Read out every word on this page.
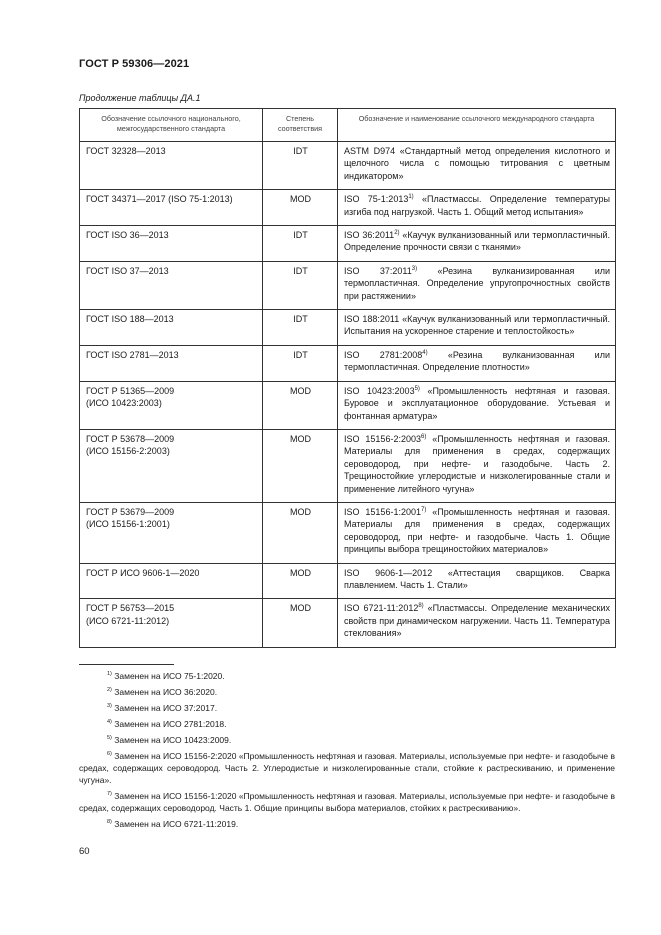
ГОСТ Р 59306—2021
Продолжение таблицы ДА.1
Обозначение ссылочного национального, межгосударственного стандарта	Степень соответствия	Обозначение и наименование ссылочного международного стандарта

ГОСТ 32328—2013	IDT	ASTM D974 «Стандартный метод определения кислотного и щелочного числа с помощью титрования с цветным индикатором»

ГОСТ 34371—2017 (ISO 75-1:2013)	MOD	ISO 75-1:2013$^{1)}$ «Пластмассы. Определение температуры изгиба под нагрузкой. Часть 1. Общий метод испытания»

ГОСТ ISO 36—2013	IDT	ISO 36:2011$^{2)}$ «Каучук вулканизованный или термопластичный. Определение прочности связи с тканями»

ГОСТ ISO 37—2013	IDT	ISO 37:2011$^{3)}$ «Резина вулканизированная или термопластичная. Определение упругопрочностных свойств при растяжении»

ГОСТ ISO 188—2013	IDT	ISO 188:2011 «Каучук вулканизованный или термопластичный. Испытания на ускоренное старение и теплостойкость»

ГОСТ ISO 2781—2013	IDT	ISO 2781:2008$^{4)}$ «Резина вулканизованная или термопластичная. Определение плотности»

ГОСТ Р 51365—2009
(ИСО 10423:2003)	MOD	ISO 10423:2003$^{5)}$ «Промышленность нефтяная и газовая. Буровое и эксплуатационное оборудование. Устьевая и фонтанная арматура»

ГОСТ Р 53678—2009
(ИСО 15156-2:2003)	MOD	ISO 15156-2:2003$^{6)}$ «Промышленность нефтяная и газовая. Материалы для применения в средах, содержащих сероводород, при нефте- и газодобыче. Часть 2. Трещиностойкие углеродистые и низколегированные стали и применение литейного чугуна»

ГОСТ Р 53679—2009
(ИСО 15156-1:2001)	MOD	ISO 15156-1:2001$^{7)}$ «Промышленность нефтяная и газовая. Материалы для применения в средах, содержащих сероводород, при нефте- и газодобыче. Часть 1. Общие принципы выбора трещиностойких материалов»

ГОСТ Р ИСО 9606-1—2020	MOD	ISO 9606-1—2012 «Аттестация сварщиков. Сварка плавлением. Часть 1. Стали»

ГОСТ Р 56753—2015
(ИСО 6721-11:2012)	MOD	ISO 6721-11:2012$^{8)}$ «Пластмассы. Определение механических свойств при динамическом нагружении. Часть 11. Температура стеклования»
$^{1)}$ Заменен на ИСО 75-1:2020.
$^{2)}$ Заменен на ИСО 36:2020.
$^{3)}$ Заменен на ИСО 37:2017.
$^{4)}$ Заменен на ИСО 2781:2018.
$^{5)}$ Заменен на ИСО 10423:2009.
$^{6)}$ Заменен на ИСО 15156-2:2020 «Промышленность нефтяная и газовая. Материалы, используемые при нефте- и газодобыче в средах, содержащих сероводород. Часть 2. Углеродистые и низколегированные стали, стойкие к растрескиванию, и применение чугуна».
$^{7)}$ Заменен на ИСО 15156-1:2020 «Промышленность нефтяная и газовая. Материалы, используемые при нефте- и газодобыче в средах, содержащих сероводород. Часть 1. Общие принципы выбора материалов, стойких к растрескиванию».
$^{8)}$ Заменен на ИСО 6721-11:2019.
60
